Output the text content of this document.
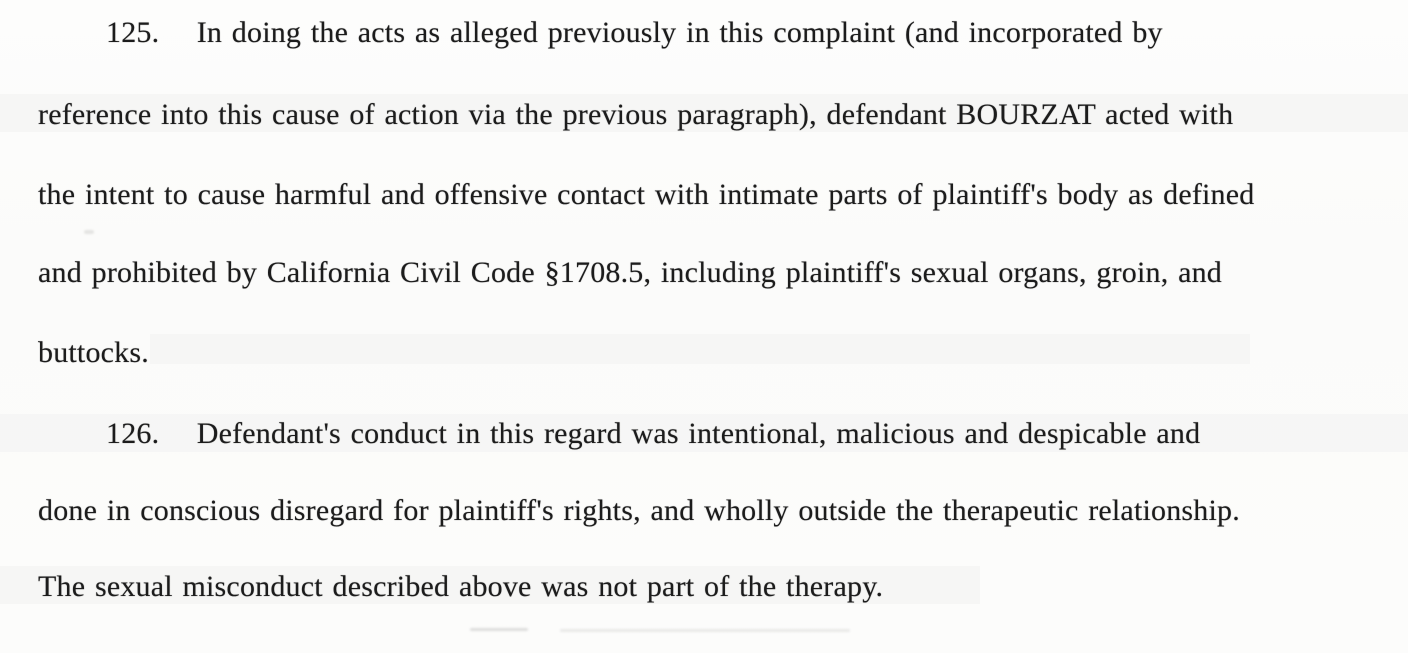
125. In doing the acts as alleged previously in this complaint (and incorporated by
reference into this cause of action via the previous paragraph), defendant BOURZAT acted with
the intent to cause harmful and offensive contact with intimate parts of plaintiff's body as defined
and prohibited by California Civil Code §1708.5, including plaintiff's sexual organs, groin, and
buttocks.
126. Defendant's conduct in this regard was intentional, malicious and despicable and
done in conscious disregard for plaintiff's rights, and wholly outside the therapeutic relationship.
The sexual misconduct described above was not part of the therapy.
